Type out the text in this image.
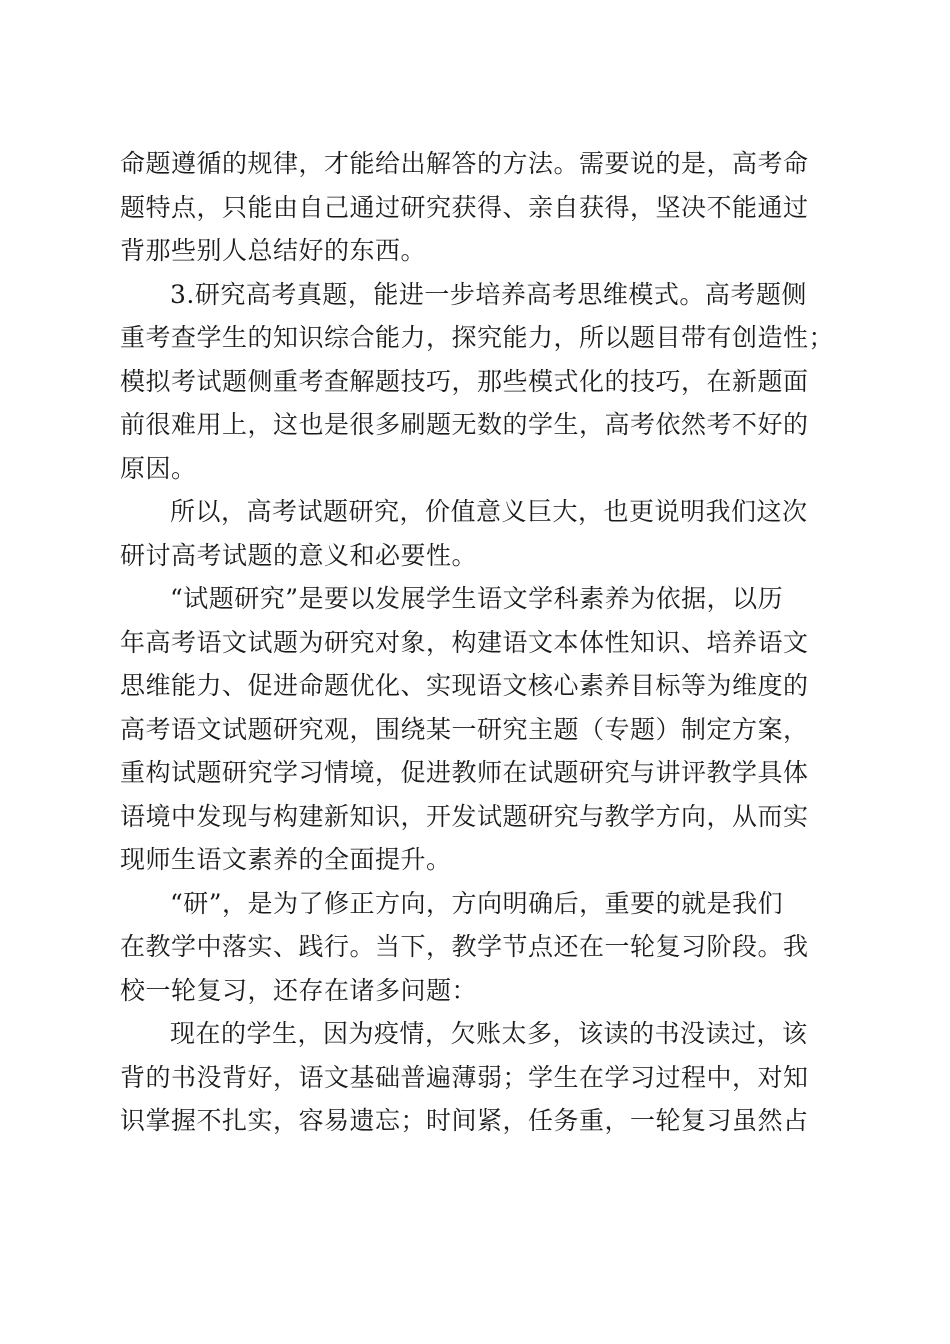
命题遵循的规律，才能给出解答的方法。需要说的是，高考命
题特点，只能由自己通过研究获得、亲自获得，坚决不能通过
背那些别人总结好的东西。
3.研究高考真题，能进一步培养高考思维模式。高考题侧
重考查学生的知识综合能力，探究能力，所以题目带有创造性；
模拟考试题侧重考查解题技巧，那些模式化的技巧，在新题面
前很难用上，这也是很多刷题无数的学生，高考依然考不好的
原因。
所以，高考试题研究，价值意义巨大，也更说明我们这次
研讨高考试题的意义和必要性。
“试题研究”是要以发展学生语文学科素养为依据，以历
年高考语文试题为研究对象，构建语文本体性知识、培养语文
思维能力、促进命题优化、实现语文核心素养目标等为维度的
高考语文试题研究观，围绕某一研究主题（专题）制定方案，
重构试题研究学习情境，促进教师在试题研究与讲评教学具体
语境中发现与构建新知识，开发试题研究与教学方向，从而实
现师生语文素养的全面提升。
“研”，是为了修正方向，方向明确后，重要的就是我们
在教学中落实、践行。当下，教学节点还在一轮复习阶段。我
校一轮复习，还存在诸多问题：
现在的学生，因为疫情，欠账太多，该读的书没读过，该
背的书没背好，语文基础普遍薄弱；学生在学习过程中，对知
识掌握不扎实，容易遗忘；时间紧，任务重，一轮复习虽然占
